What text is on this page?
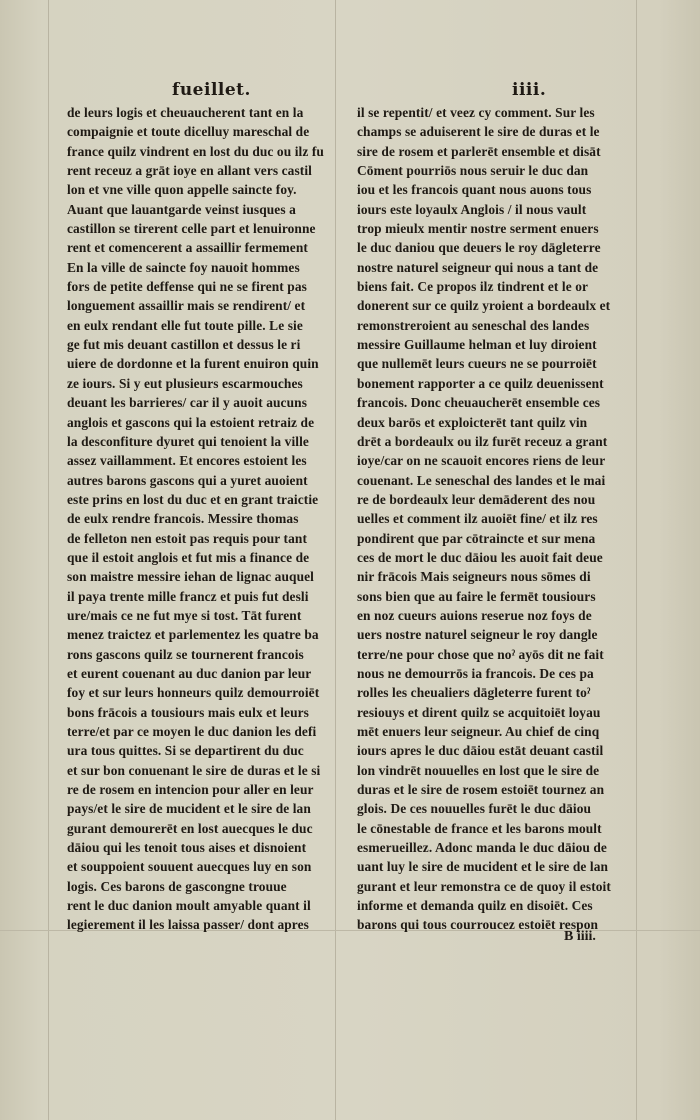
fueillet.	iiii.
de leurs logis et cheuaucherent tant en la
compaignie et toute dicelluy mareschal de
france quilz vindrent en lost du duc ou ilz fu
rent receuz a grāt ioye en allant vers castil
lon et vne ville quon appelle saincte foy.
Auant que lauantgarde veinst iusques a
castillon se tirerent celle part et lenuironne
rent et comencerent a assaillir fermement
En la ville de saincte foy nauoit hommes
fors de petite deffense qui ne se firent pas
longuement assaillir mais se rendirent/ et
en eulx rendant elle fut toute pille. Le sie
ge fut mis deuant castillon et dessus le ri
uiere de dordonne et la furent enuiron quin
ze iours. Si y eut plusieurs escarmouches
deuant les barrieres/ car il y auoit aucuns
anglois et gascons qui la estoient retraiz de
la desconfiture dyuret qui tenoient la ville
assez vaillamment. Et encores estoient les
autres barons gascons qui a yuret auoient
este prins en lost du duc et en grant traictie
de eulx rendre francois. Messire thomas
de felleton nen estoit pas requis pour tant
que il estoit anglois et fut mis a finance de
son maistre messire iehan de lignac auquel
il paya trente mille francz et puis fut desli
ure/mais ce ne fut mye si tost. Tāt furent
menez traictez et parlementez les quatre ba
rons gascons quilz se tournerent francois
et eurent couenant au duc danion par leur
foy et sur leurs honneurs quilz demourroiēt
bons frācois a tousiours mais eulx et leurs
terre/et par ce moyen le duc danion les defi
ura tous quittes. Si se departirent du duc
et sur bon conuenant le sire de duras et le si
re de rosem en intencion pour aller en leur
pays/et le sire de mucident et le sire de lan
gurant demourerēt en lost auecques le duc
dāiou qui les tenoit tous aises et disnoient
et souppoient souuent auecques luy en son
logis. Ces barons de gascongne trouue
rent le duc danion moult amyable quant il
legierement il les laissa passer/ dont apres
il se repentit/ et veez cy comment. Sur les
champs se aduiserent le sire de duras et le
sire de rosem et parlerēt ensemble et disāt
Cōment pourriōs nous seruir le duc dan
iou et les francois quant nous auons tous
iours este loyaulx Anglois / il nous vault
trop mieulx mentir nostre serment enuers
le duc daniou que deuers le roy dāgleterre
nostre naturel seigneur qui nous a tant de
biens fait. Ce propos ilz tindrent et le or
donerent sur ce quilz yroient a bordeaulx et
remonstreroient au seneschal des landes
messire Guillaume helman et luy diroient
que nullemēt leurs cueurs ne se pourroiēt
bonement rapporter a ce quilz deuenissent
francois. Donc cheuaucherēt ensemble ces
deux barōs et exploicterēt tant quilz vin
drēt a bordeaulx ou ilz furēt receuz a grant
ioye/car on ne scauoit encores riens de leur
couenant. Le seneschal des landes et le mai
re de bordeaulx leur demāderent des nou
uelles et comment ilz auoiēt fine/ et ilz res
pondirent que par cōtraincte et sur mena
ces de mort le duc dāiou les auoit fait deue
nir frācois Mais seigneurs nous sōmes di
sons bien que au faire le fermēt tousiours
en noz cueurs auions reserue noz foys de
uers nostre naturel seigneur le roy dangle
terre/ne pour chose que noˀ ayōs dit ne fait
nous ne demourrōs ia francois. De ces pa
rolles les cheualiers dāgleterre furent toˀ
resiouys et dirent quilz se acquitoiēt loyau
mēt enuers leur seigneur. Au chief de cinq
iours apres le duc dāiou estāt deuant castil
lon vindrēt nouuelles en lost que le sire de
duras et le sire de rosem estoiēt tournez an
glois. De ces nouuelles furēt le duc dāiou
le cōnestable de france et les barons moult
esmerueillez. Adonc manda le duc dāiou de
uant luy le sire de mucident et le sire de lan
gurant et leur remonstra ce de quoy il estoit
informe et demanda quilz en disoiēt. Ces
barons qui tous courroucez estoiēt respon
B iiii.
